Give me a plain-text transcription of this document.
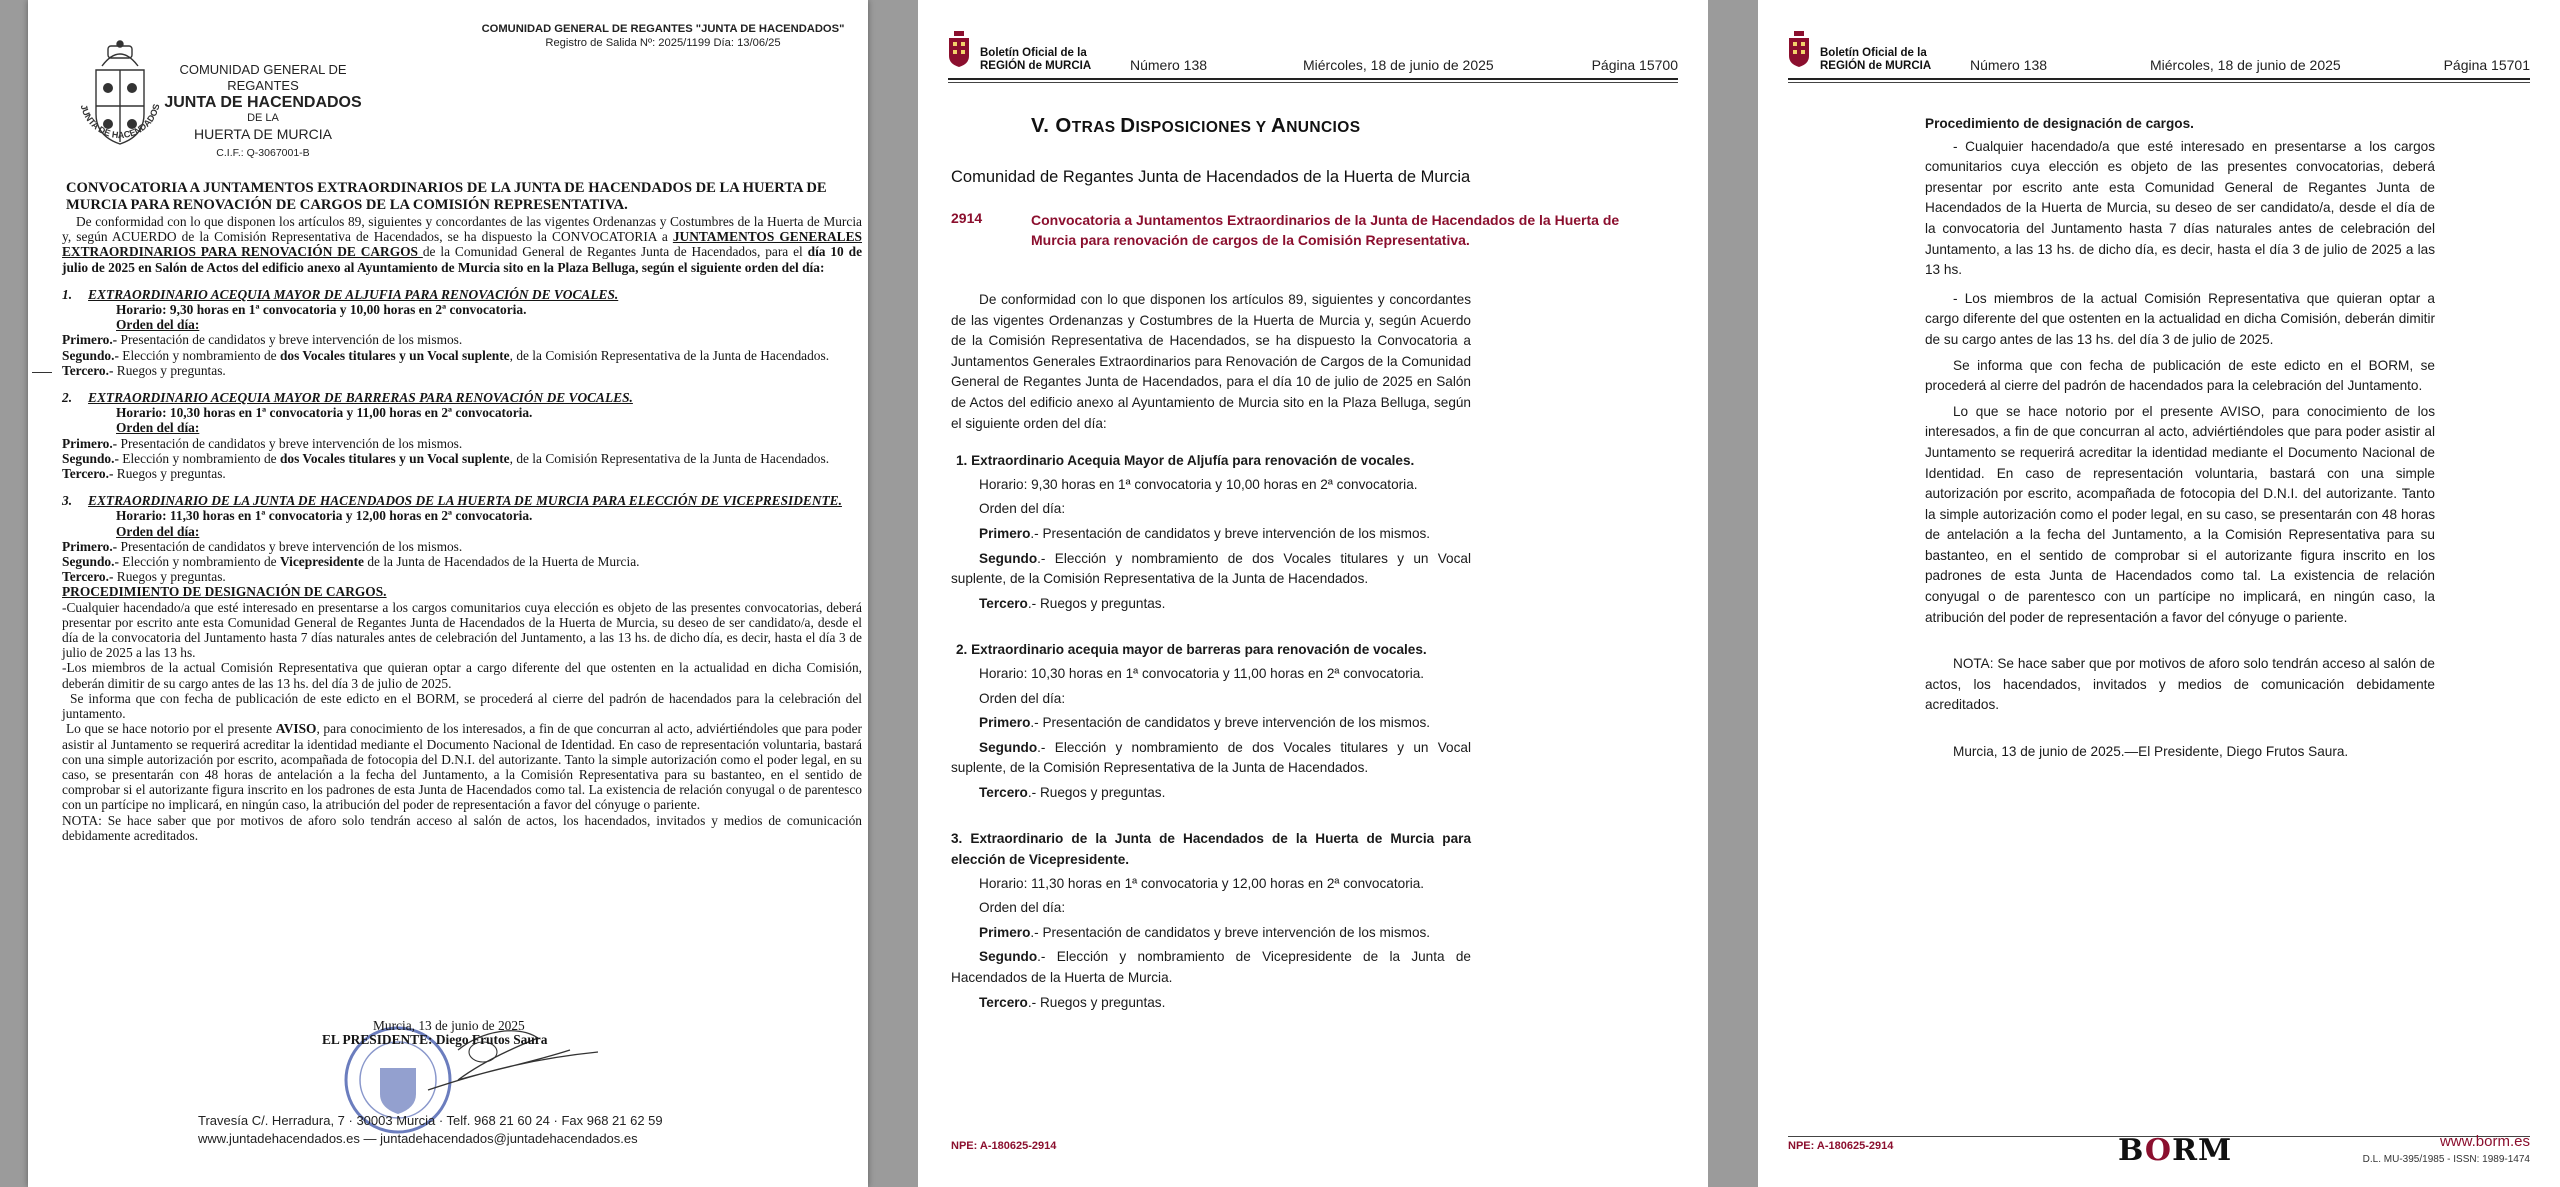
COMUNIDAD GENERAL DE REGANTES "JUNTA DE HACENDADOS"
Registro de Salida Nº: 2025/1199 Día: 13/06/25
JUNTA DE HACENDADOS
COMUNIDAD GENERAL DE REGANTES
JUNTA DE HACENDADOS
DE LA
HUERTA DE MURCIA
C.I.F.: Q-3067001-B
CONVOCATORIA A JUNTAMENTOS EXTRAORDINARIOS DE LA JUNTA DE HACENDADOS DE LA HUERTA DE MURCIA PARA RENOVACIÓN DE CARGOS DE LA COMISIÓN REPRESENTATIVA.
De conformidad con lo que disponen los artículos 89, siguientes y concordantes de las vigentes Ordenanzas y Costumbres de la Huerta de Murcia y, según ACUERDO de la Comisión Representativa de Hacendados, se ha dispuesto la CONVOCATORIA a JUNTAMENTOS GENERALES EXTRAORDINARIOS PARA RENOVACIÓN DE CARGOS de la Comunidad General de Regantes Junta de Hacendados, para el día 10 de julio de 2025 en Salón de Actos del edificio anexo al Ayuntamiento de Murcia sito en la Plaza Belluga, según el siguiente orden del día:
1. EXTRAORDINARIO ACEQUIA MAYOR DE ALJUFIA PARA RENOVACIÓN DE VOCALES.
Horario: 9,30 horas en 1ª convocatoria y 10,00 horas en 2ª convocatoria.
Orden del día:
Primero.- Presentación de candidatos y breve intervención de los mismos.
Segundo.- Elección y nombramiento de dos Vocales titulares y un Vocal suplente, de la Comisión Representativa de la Junta de Hacendados.
Tercero.- Ruegos y preguntas.
2. EXTRAORDINARIO ACEQUIA MAYOR DE BARRERAS PARA RENOVACIÓN DE VOCALES.
Horario: 10,30 horas en 1ª convocatoria y 11,00 horas en 2ª convocatoria.
Orden del día:
Primero.- Presentación de candidatos y breve intervención de los mismos.
Segundo.- Elección y nombramiento de dos Vocales titulares y un Vocal suplente, de la Comisión Representativa de la Junta de Hacendados.
Tercero.- Ruegos y preguntas.
3. EXTRAORDINARIO DE LA JUNTA DE HACENDADOS DE LA HUERTA DE MURCIA PARA ELECCIÓN DE VICEPRESIDENTE.
Horario: 11,30 horas en 1ª convocatoria y 12,00 horas en 2ª convocatoria.
Orden del día:
Primero.- Presentación de candidatos y breve intervención de los mismos.
Segundo.- Elección y nombramiento de Vicepresidente de la Junta de Hacendados de la Huerta de Murcia.
Tercero.- Ruegos y preguntas.
PROCEDIMIENTO DE DESIGNACIÓN DE CARGOS.
-Cualquier hacendado/a que esté interesado en presentarse a los cargos comunitarios cuya elección es objeto de las presentes convocatorias, deberá presentar por escrito ante esta Comunidad General de Regantes Junta de Hacendados de la Huerta de Murcia, su deseo de ser candidato/a, desde el día de la convocatoria del Juntamento hasta 7 días naturales antes de celebración del Juntamento, a las 13 hs. de dicho día, es decir, hasta el día 3 de julio de 2025 a las 13 hs.
-Los miembros de la actual Comisión Representativa que quieran optar a cargo diferente del que ostenten en la actualidad en dicha Comisión, deberán dimitir de su cargo antes de las 13 hs. del día 3 de julio de 2025.
Se informa que con fecha de publicación de este edicto en el BORM, se procederá al cierre del padrón de hacendados para la celebración del juntamento.
Lo que se hace notorio por el presente AVISO, para conocimiento de los interesados, a fin de que concurran al acto, adviértiéndoles que para poder asistir al Juntamento se requerirá acreditar la identidad mediante el Documento Nacional de Identidad. En caso de representación voluntaria, bastará con una simple autorización por escrito, acompañada de fotocopia del D.N.I. del autorizante. Tanto la simple autorización como el poder legal, en su caso, se presentarán con 48 horas de antelación a la fecha del Juntamento, a la Comisión Representativa para su bastanteo, en el sentido de comprobar si el autorizante figura inscrito en los padrones de esta Junta de Hacendados como tal. La existencia de relación conyugal o de parentesco con un partícipe no implicará, en ningún caso, la atribución del poder de representación a favor del cónyuge o pariente.
NOTA: Se hace saber que por motivos de aforo solo tendrán acceso al salón de actos, los hacendados, invitados y medios de comunicación debidamente acreditados.
Murcia, 13 de junio de 2025
EL PRESIDENTE: Diego Frutos Saura
Travesía C/. Herradura, 7 · 30003 Murcia · Telf. 968 21 60 24 · Fax 968 21 62 59
www.juntadehacendados.es — juntadehacendados@juntadehacendados.es
Boletín Oficial de la
REGIÓN de MURCIA	Número 138	Miércoles, 18 de junio de 2025	Página 15700
V. OTRAS DISPOSICIONES Y ANUNCIOS
Comunidad de Regantes Junta de Hacendados de la Huerta de Murcia
2914	Convocatoria a Juntamentos Extraordinarios de la Junta de Hacendados de la Huerta de Murcia para renovación de cargos de la Comisión Representativa.

De conformidad con lo que disponen los artículos 89, siguientes y concordantes de las vigentes Ordenanzas y Costumbres de la Huerta de Murcia y, según Acuerdo de la Comisión Representativa de Hacendados, se ha dispuesto la Convocatoria a Juntamentos Generales Extraordinarios para Renovación de Cargos de la Comunidad General de Regantes Junta de Hacendados, para el día 10 de julio de 2025 en Salón de Actos del edificio anexo al Ayuntamiento de Murcia sito en la Plaza Belluga, según el siguiente orden del día:

1. Extraordinario Acequia Mayor de Aljufía para renovación de vocales.

Horario: 9,30 horas en 1ª convocatoria y 10,00 horas en 2ª convocatoria.

Orden del día:

Primero.- Presentación de candidatos y breve intervención de los mismos.

Segundo.- Elección y nombramiento de dos Vocales titulares y un Vocal suplente, de la Comisión Representativa de la Junta de Hacendados.

Tercero.- Ruegos y preguntas.

2. Extraordinario acequia mayor de barreras para renovación de vocales.

Horario: 10,30 horas en 1ª convocatoria y 11,00 horas en 2ª convocatoria.

Orden del día:

Primero.- Presentación de candidatos y breve intervención de los mismos.

Segundo.- Elección y nombramiento de dos Vocales titulares y un Vocal suplente, de la Comisión Representativa de la Junta de Hacendados.

Tercero.- Ruegos y preguntas.

3. Extraordinario de la Junta de Hacendados de la Huerta de Murcia para elección de Vicepresidente.

Horario: 11,30 horas en 1ª convocatoria y 12,00 horas en 2ª convocatoria.

Orden del día:

Primero.- Presentación de candidatos y breve intervención de los mismos.

Segundo.- Elección y nombramiento de Vicepresidente de la Junta de Hacendados de la Huerta de Murcia.

Tercero.- Ruegos y preguntas.

NPE: A-180625-2914
Boletín Oficial de la
REGIÓN de MURCIA	Número 138	Miércoles, 18 de junio de 2025	Página 15701

Procedimiento de designación de cargos.

- Cualquier hacendado/a que esté interesado en presentarse a los cargos comunitarios cuya elección es objeto de las presentes convocatorias, deberá presentar por escrito ante esta Comunidad General de Regantes Junta de Hacendados de la Huerta de Murcia, su deseo de ser candidato/a, desde el día de la convocatoria del Juntamento hasta 7 días naturales antes de celebración del Juntamento, a las 13 hs. de dicho día, es decir, hasta el día 3 de julio de 2025 a las 13 hs.

- Los miembros de la actual Comisión Representativa que quieran optar a cargo diferente del que ostenten en la actualidad en dicha Comisión, deberán dimitir de su cargo antes de las 13 hs. del día 3 de julio de 2025.

Se informa que con fecha de publicación de este edicto en el BORM, se procederá al cierre del padrón de hacendados para la celebración del Juntamento.

Lo que se hace notorio por el presente AVISO, para conocimiento de los interesados, a fin de que concurran al acto, adviértiéndoles que para poder asistir al Juntamento se requerirá acreditar la identidad mediante el Documento Nacional de Identidad. En caso de representación voluntaria, bastará con una simple autorización por escrito, acompañada de fotocopia del D.N.I. del autorizante. Tanto la simple autorización como el poder legal, en su caso, se presentarán con 48 horas de antelación a la fecha del Juntamento, a la Comisión Representativa para su bastanteo, en el sentido de comprobar si el autorizante figura inscrito en los padrones de esta Junta de Hacendados como tal. La existencia de relación conyugal o de parentesco con un partícipe no implicará, en ningún caso, la atribución del poder de representación a favor del cónyuge o pariente.

NOTA: Se hace saber que por motivos de aforo solo tendrán acceso al salón de actos, los hacendados, invitados y medios de comunicación debidamente acreditados.

Murcia, 13 de junio de 2025.—El Presidente, Diego Frutos Saura.

NPE: A-180625-2914	BORM	www.borm.es
D.L. MU-395/1985 - ISSN: 1989-1474
